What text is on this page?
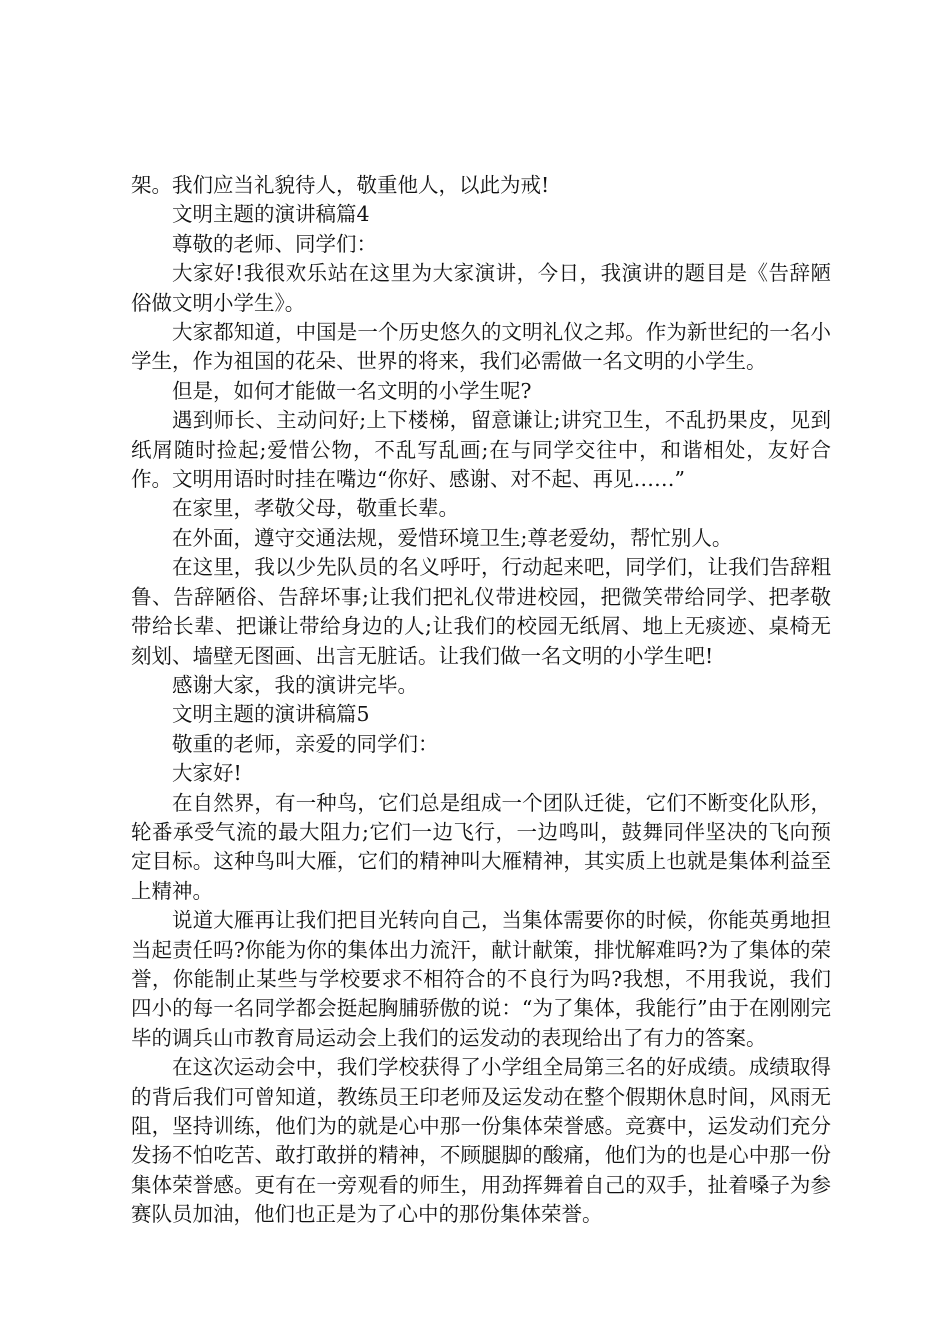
架。我们应当礼貌待人，敬重他人，以此为戒!

文明主题的演讲稿篇4

尊敬的老师、同学们：

大家好!我很欢乐站在这里为大家演讲，今日，我演讲的题目是《告辞陋俗做文明小学生》。

大家都知道，中国是一个历史悠久的文明礼仪之邦。作为新世纪的一名小学生，作为祖国的花朵、世界的将来，我们必需做一名文明的小学生。

但是，如何才能做一名文明的小学生呢?

遇到师长、主动问好;上下楼梯，留意谦让;讲究卫生，不乱扔果皮，见到纸屑随时捡起;爱惜公物，不乱写乱画;在与同学交往中，和谐相处，友好合作。文明用语时时挂在嘴边“你好、感谢、对不起、再见……”

在家里，孝敬父母，敬重长辈。

在外面，遵守交通法规，爱惜环境卫生;尊老爱幼，帮忙别人。

在这里，我以少先队员的名义呼吁，行动起来吧，同学们，让我们告辞粗鲁、告辞陋俗、告辞坏事;让我们把礼仪带进校园，把微笑带给同学、把孝敬带给长辈、把谦让带给身边的人;让我们的校园无纸屑、地上无痰迹、桌椅无刻划、墙壁无图画、出言无脏话。让我们做一名文明的小学生吧!

感谢大家，我的演讲完毕。

文明主题的演讲稿篇5

敬重的老师，亲爱的同学们：

大家好!

在自然界，有一种鸟，它们总是组成一个团队迁徙，它们不断变化队形，轮番承受气流的最大阻力;它们一边飞行，一边鸣叫，鼓舞同伴坚决的飞向预定目标。这种鸟叫大雁，它们的精神叫大雁精神，其实质上也就是集体利益至上精神。

说道大雁再让我们把目光转向自己，当集体需要你的时候，你能英勇地担当起责任吗?你能为你的集体出力流汗，献计献策，排忧解难吗?为了集体的荣誉，你能制止某些与学校要求不相符合的不良行为吗?我想，不用我说，我们四小的每一名同学都会挺起胸脯骄傲的说：“为了集体，我能行”由于在刚刚完毕的调兵山市教育局运动会上我们的运发动的表现给出了有力的答案。

在这次运动会中，我们学校获得了小学组全局第三名的好成绩。成绩取得的背后我们可曾知道，教练员王印老师及运发动在整个假期休息时间，风雨无阻，坚持训练，他们为的就是心中那一份集体荣誉感。竞赛中，运发动们充分发扬不怕吃苦、敢打敢拼的精神，不顾腿脚的酸痛，他们为的也是心中那一份集体荣誉感。更有在一旁观看的师生，用劲挥舞着自己的双手，扯着嗓子为参赛队员加油，他们也正是为了心中的那份集体荣誉。
